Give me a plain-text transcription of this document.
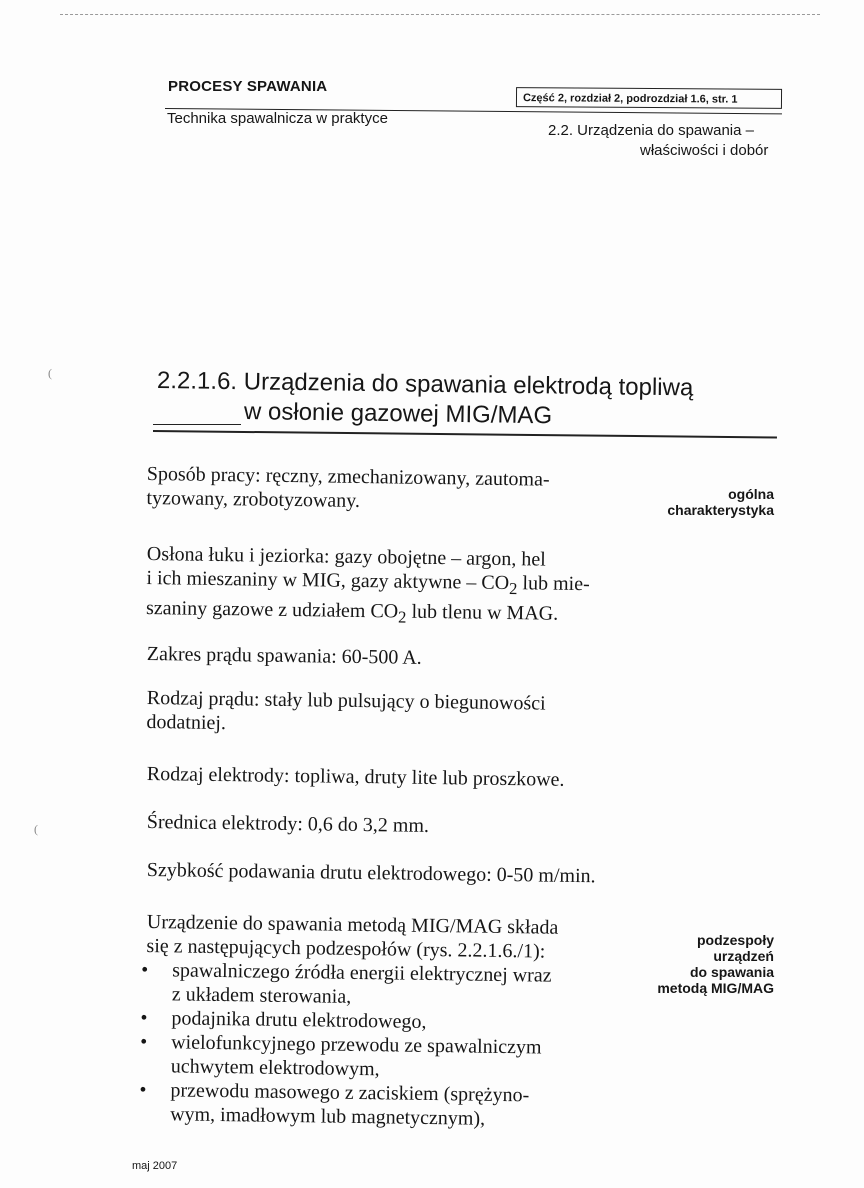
(
(
PROCESY SPAWANIA
Część 2, rozdział 2, podrozdział 1.6, str. 1
Technika spawalnicza w praktyce
2.2. Urządzenia do spawania –
właściwości i dobór
2.2.1.6. Urządzenia do spawania elektrodą topliwą
w osłonie gazowej MIG/MAG
Sposób pracy: ręczny, zmechanizowany, zautoma-
tyzowany, zrobotyzowany.
Osłona łuku i jeziorka: gazy obojętne – argon, hel
i ich mieszaniny w MIG, gazy aktywne – $CO_2$ lub mie-
szaniny gazowe z udziałem $CO_2$ lub tlenu w MAG.
Zakres prądu spawania: 60-500 A.
Rodzaj prądu: stały lub pulsujący o biegunowości
dodatniej.
Rodzaj elektrody: topliwa, druty lite lub proszkowe.
Średnica elektrody: 0,6 do 3,2 mm.
Szybkość podawania drutu elektrodowego: 0-50 m/min.
Urządzenie do spawania metodą MIG/MAG składa
się z następujących podzespołów (rys. 2.2.1.6./1):
• spawalniczego źródła energii elektrycznej wraz
z układem sterowania,
• podajnika drutu elektrodowego,
• wielofunkcyjnego przewodu ze spawalniczym
uchwytem elektrodowym,
• przewodu masowego z zaciskiem (sprężyno-
wym, imadłowym lub magnetycznym),
ogólna
charakterystyka
podzespoły
urządzeń
do spawania
metodą MIG/MAG
maj 2007
